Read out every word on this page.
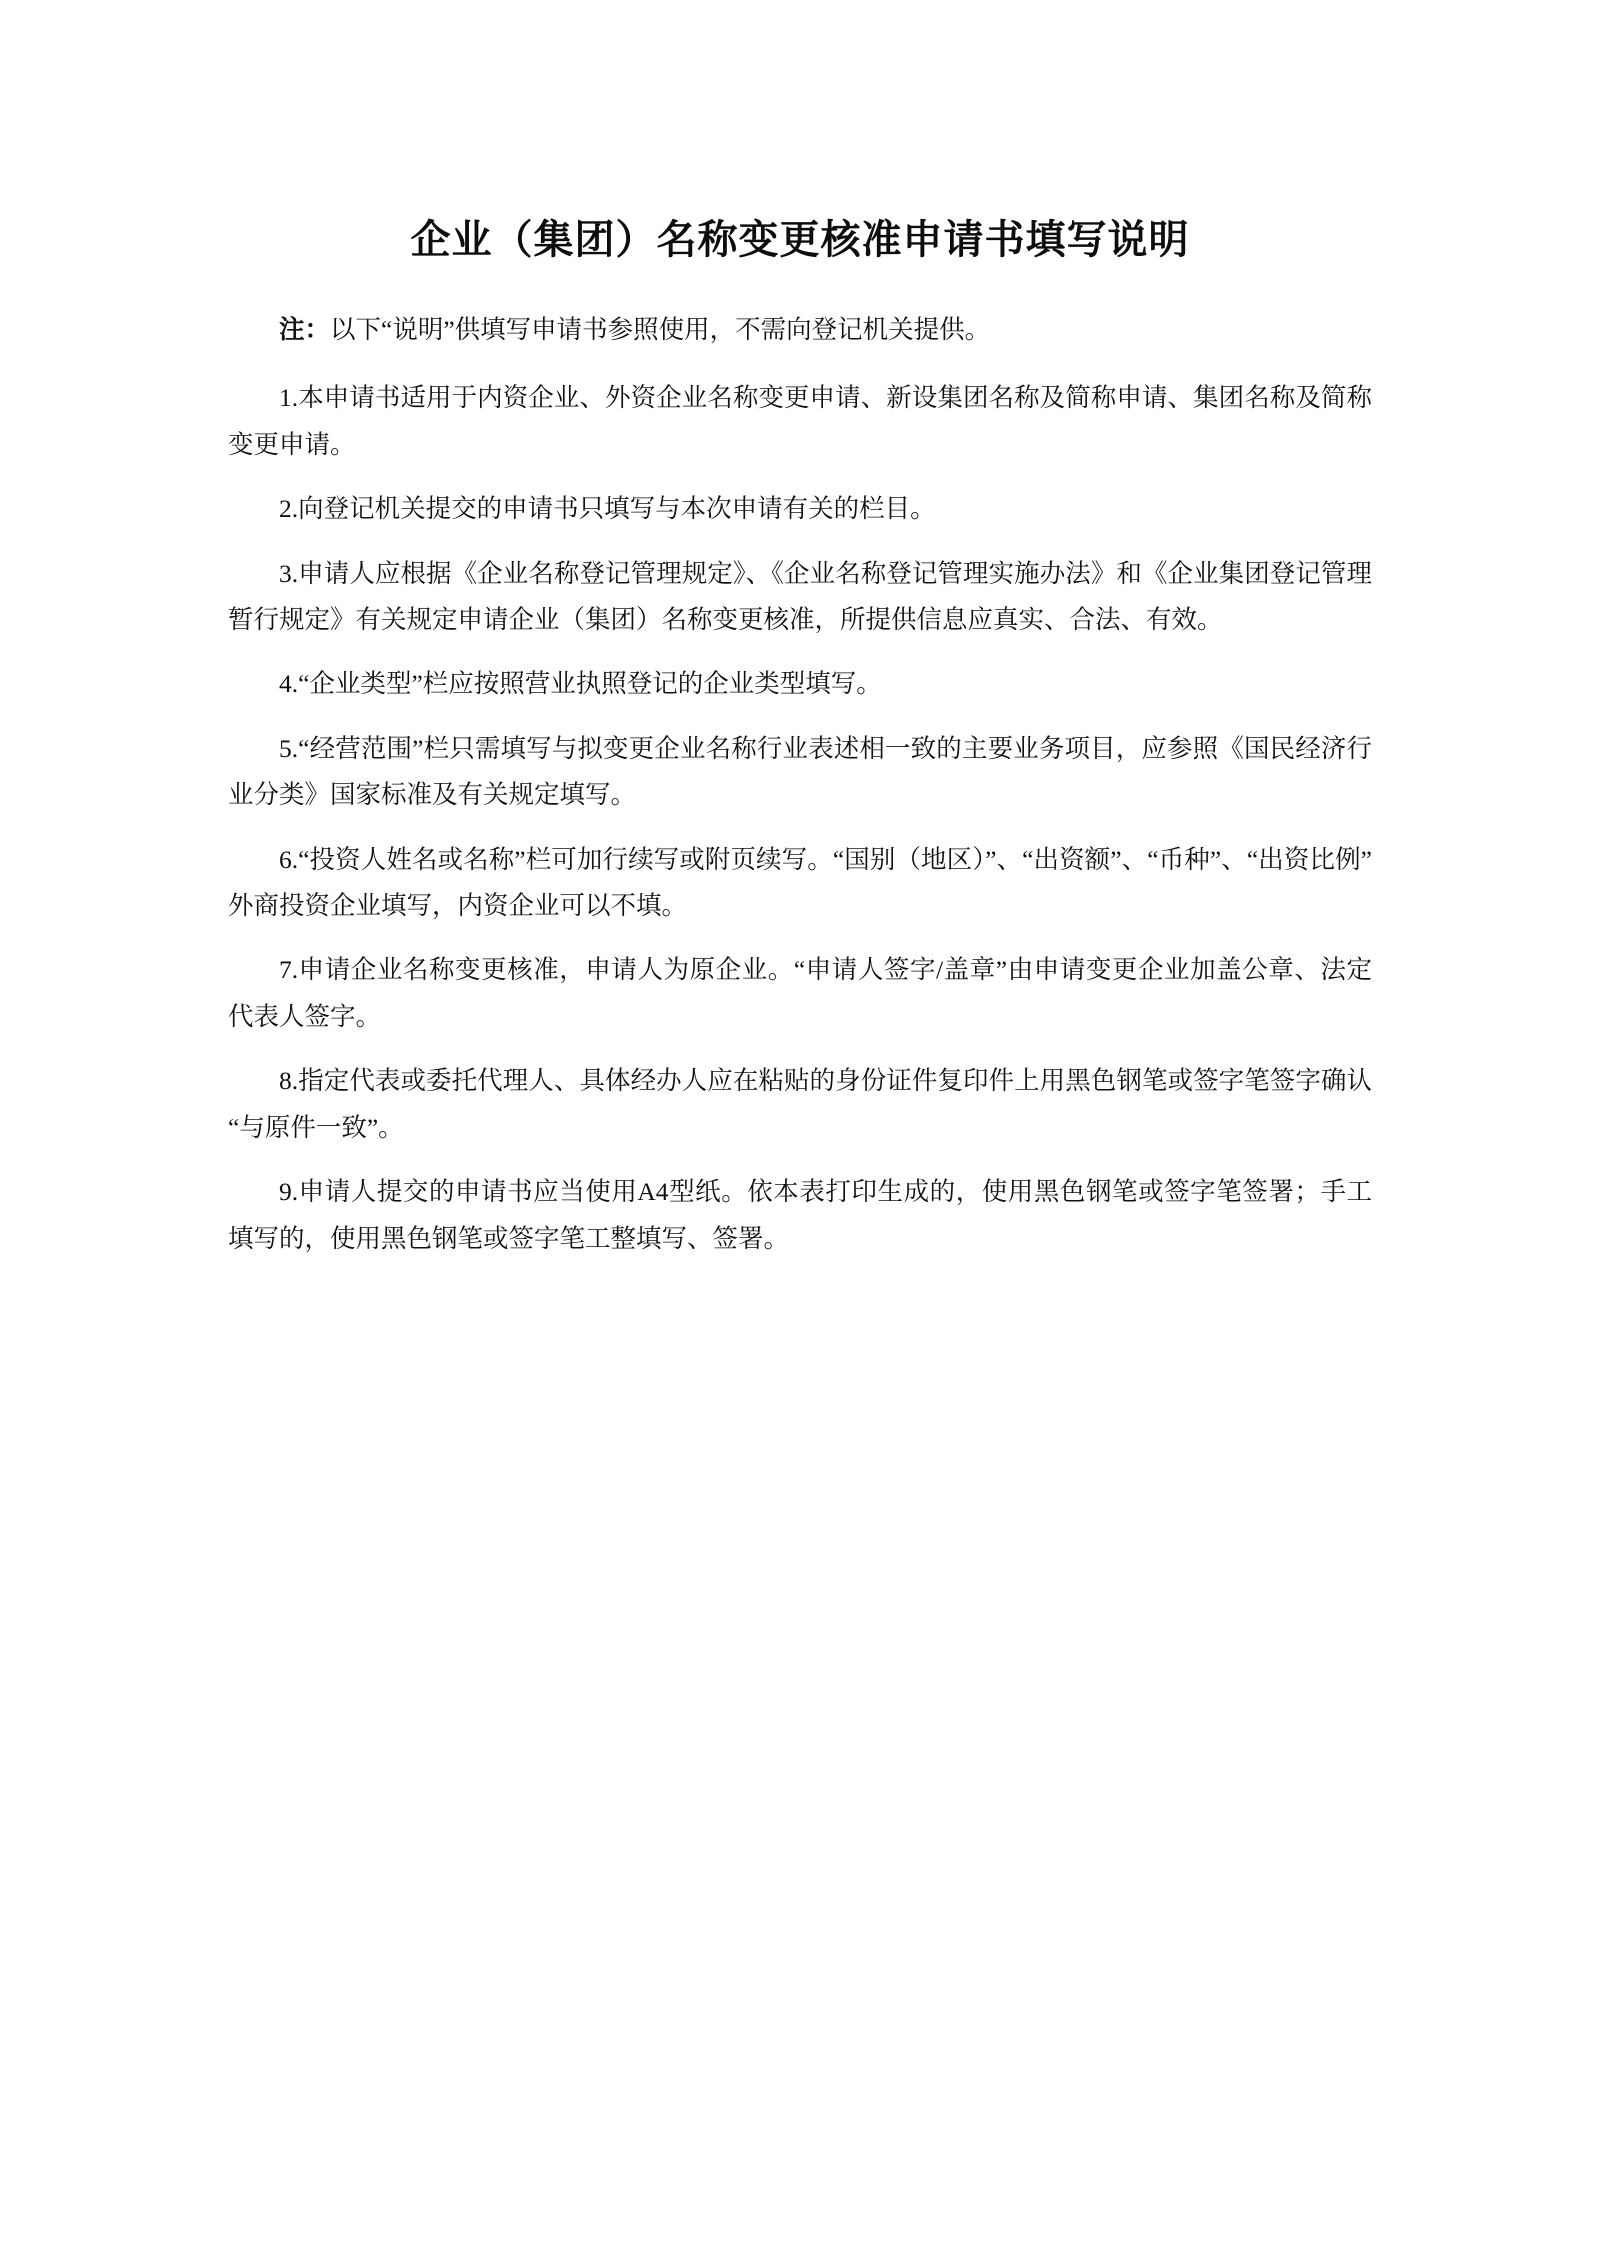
企业（集团）名称变更核准申请书填写说明

注：以下“说明”供填写申请书参照使用，不需向登记机关提供。

1.本申请书适用于内资企业、外资企业名称变更申请、新设集团名称及简称申请、集团名称及简称变更申请。

2.向登记机关提交的申请书只填写与本次申请有关的栏目。

3.申请人应根据《企业名称登记管理规定》、《企业名称登记管理实施办法》和《企业集团登记管理暂行规定》有关规定申请企业（集团）名称变更核准，所提供信息应真实、合法、有效。

4.“企业类型”栏应按照营业执照登记的企业类型填写。

5.“经营范围”栏只需填写与拟变更企业名称行业表述相一致的主要业务项目，应参照《国民经济行业分类》国家标准及有关规定填写。

6.“投资人姓名或名称”栏可加行续写或附页续写。“国别（地区）”、“出资额”、“币种”、“出资比例”外商投资企业填写，内资企业可以不填。

7.申请企业名称变更核准，申请人为原企业。“申请人签字/盖章”由申请变更企业加盖公章、法定代表人签字。

8.指定代表或委托代理人、具体经办人应在粘贴的身份证件复印件上用黑色钢笔或签字笔签字确认“与原件一致”。

9.申请人提交的申请书应当使用A4型纸。依本表打印生成的，使用黑色钢笔或签字笔签署；手工填写的，使用黑色钢笔或签字笔工整填写、签署。
